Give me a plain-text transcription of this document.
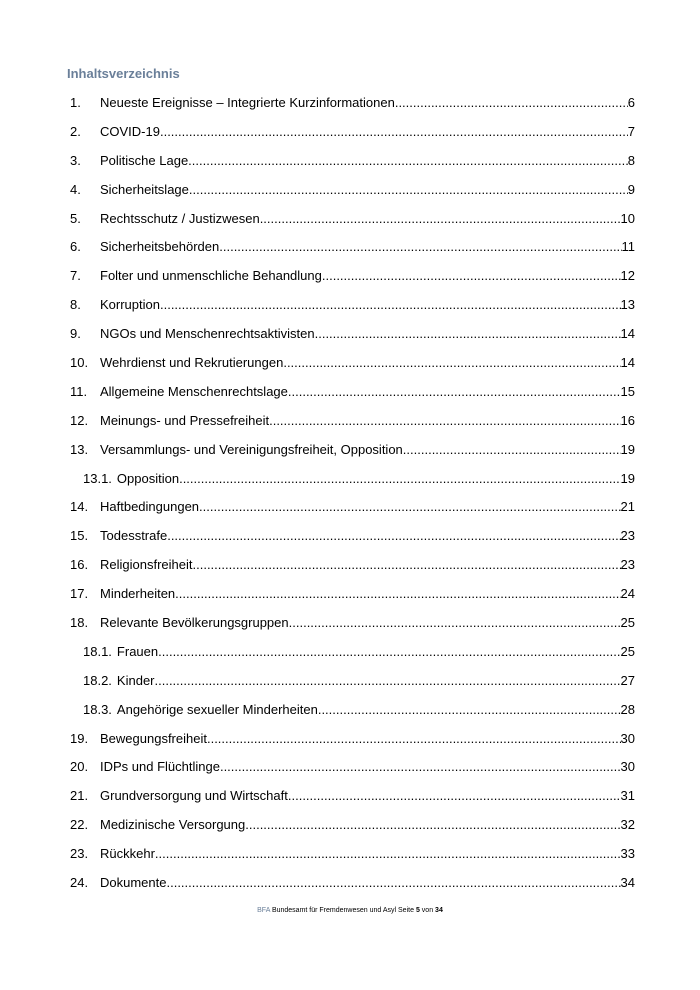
Inhaltsverzeichnis
1.	Neueste Ereignisse – Integrierte Kurzinformationen .....	6
2.	COVID-19 .....	7
3.	Politische Lage .....	8
4.	Sicherheitslage .....	9
5.	Rechtsschutz / Justizwesen .....	10
6.	Sicherheitsbehörden .....	11
7.	Folter und unmenschliche Behandlung .....	12
8.	Korruption .....	13
9.	NGOs und Menschenrechtsaktivisten .....	14
10. Wehrdienst und Rekrutierungen .....	14
11. Allgemeine Menschenrechtslage .....	15
12. Meinungs- und Pressefreiheit .....	16
13. Versammlungs- und Vereinigungsfreiheit, Opposition .....	19
13.1. Opposition .....	19
14. Haftbedingungen .....	21
15. Todesstrafe .....	23
16. Religionsfreiheit .....	23
17. Minderheiten .....	24
18. Relevante Bevölkerungsgruppen .....	25
18.1. Frauen .....	25
18.2. Kinder .....	27
18.3. Angehörige sexueller Minderheiten .....	28
19. Bewegungsfreiheit .....	30
20. IDPs und Flüchtlinge .....	30
21. Grundversorgung und Wirtschaft .....	31
22. Medizinische Versorgung .....	32
23. Rückkehr .....	33
24. Dokumente .....	34
BFA Bundesamt für Fremdenwesen und Asyl Seite 5 von 34
